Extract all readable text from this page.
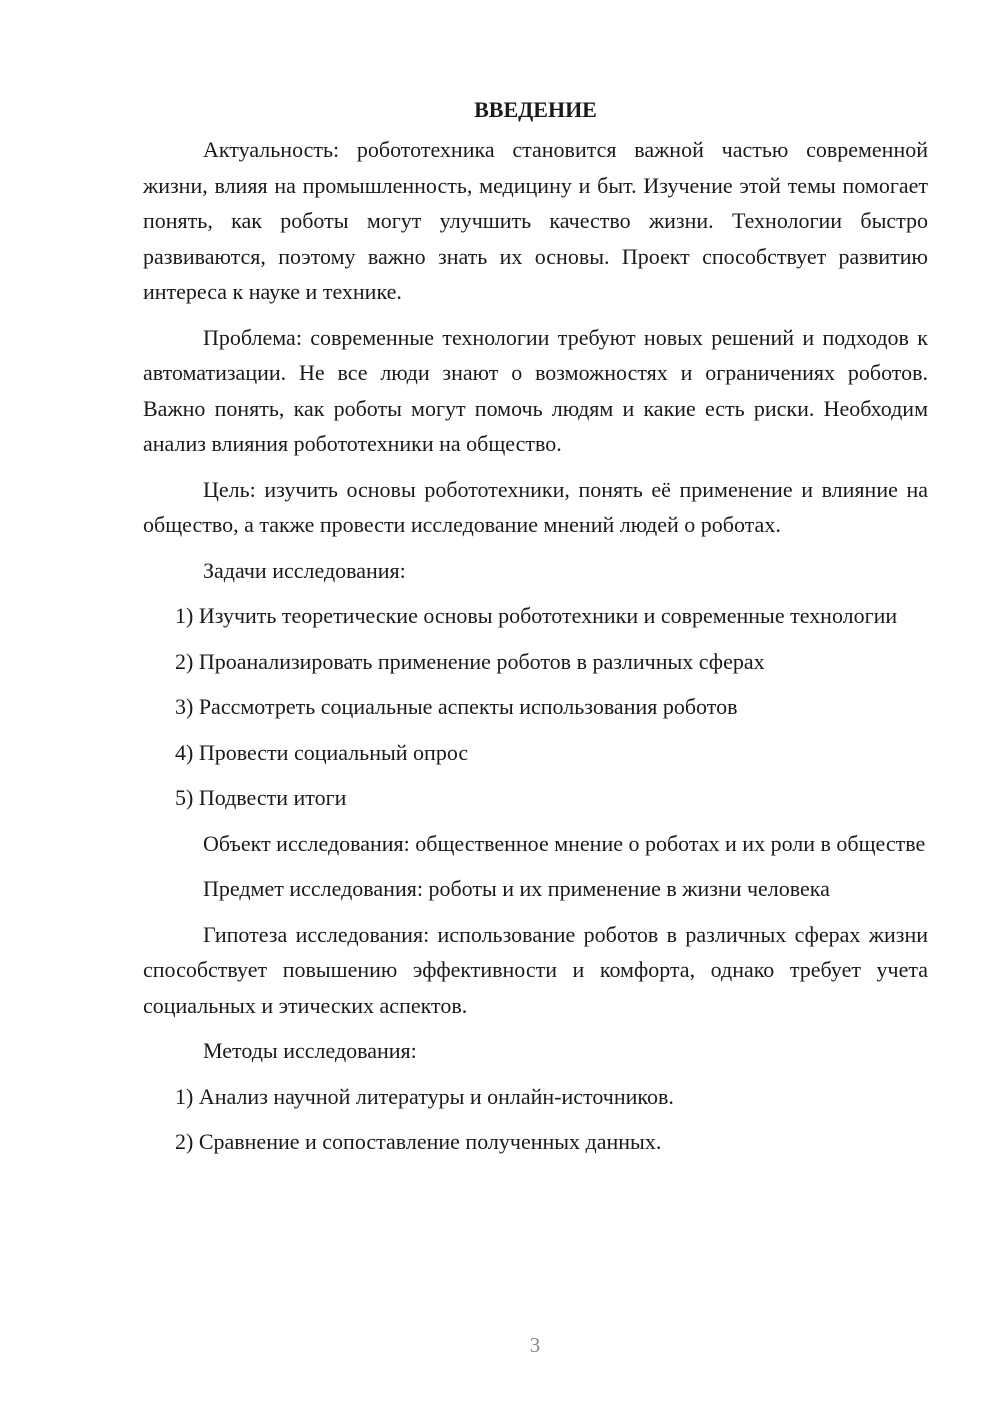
ВВЕДЕНИЕ

Актуальность: робототехника становится важной частью современной жизни, влияя на промышленность, медицину и быт. Изучение этой темы помогает понять, как роботы могут улучшить качество жизни. Технологии быстро развиваются, поэтому важно знать их основы. Проект способствует развитию интереса к науке и технике.

Проблема: современные технологии требуют новых решений и подходов к автоматизации. Не все люди знают о возможностях и ограничениях роботов. Важно понять, как роботы могут помочь людям и какие есть риски. Необходим анализ влияния робототехники на общество.

Цель: изучить основы робототехники, понять её применение и влияние на общество, а также провести исследование мнений людей о роботах.

Задачи исследования:

1) Изучить теоретические основы робототехники и современные технологии

2) Проанализировать применение роботов в различных сферах

3) Рассмотреть социальные аспекты использования роботов

4) Провести социальный опрос

5) Подвести итоги

Объект исследования: общественное мнение о роботах и их роли в обществе

Предмет исследования: роботы и их применение в жизни человека

Гипотеза исследования: использование роботов в различных сферах жизни способствует повышению эффективности и комфорта, однако требует учета социальных и этических аспектов.

Методы исследования:

1) Анализ научной литературы и онлайн-источников.

2) Сравнение и сопоставление полученных данных.

3
